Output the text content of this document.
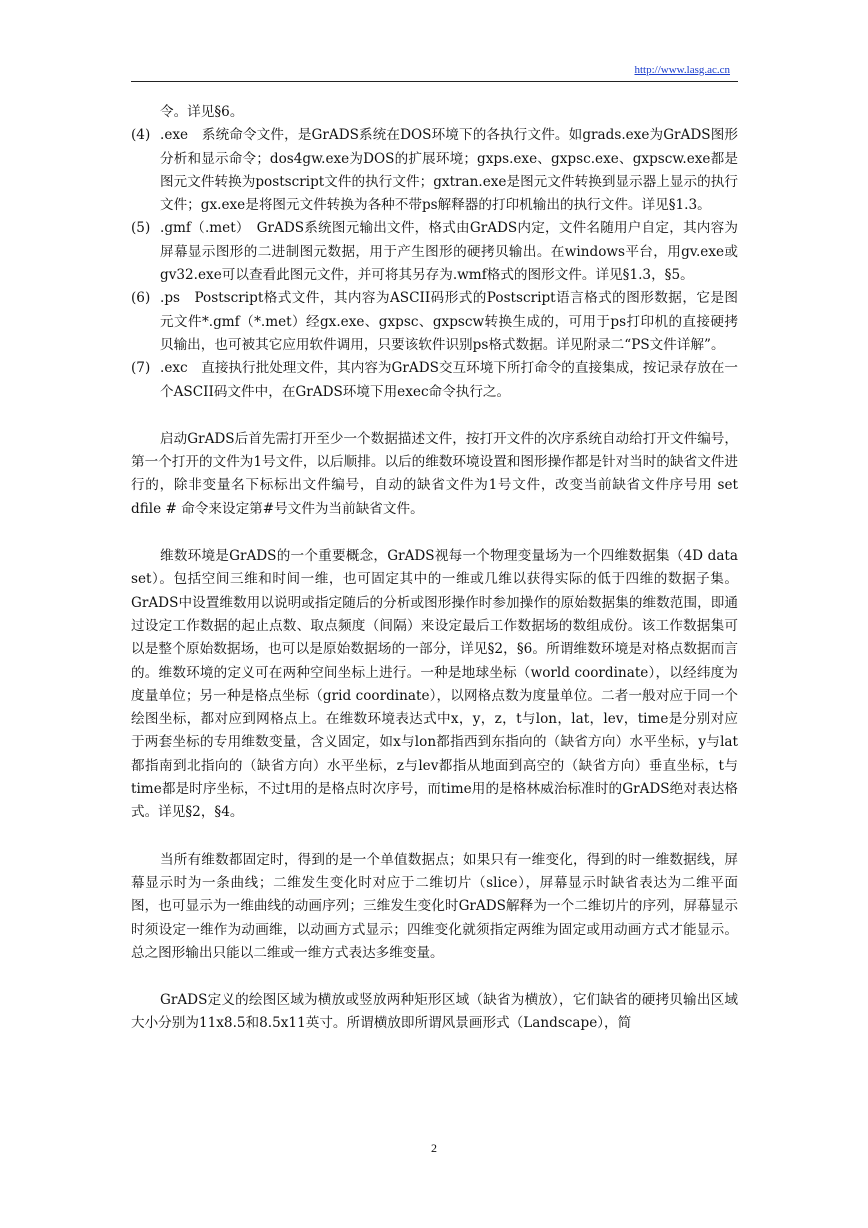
http://www.lasg.ac.cn

令。详见§6。

(4) .exe　系统命令文件，是GrADS系统在DOS环境下的各执行文件。如grads.exe为GrADS图形分析和显示命令；dos4gw.exe为DOS的扩展环境；gxps.exe、gxpsc.exe、gxpscw.exe都是图元文件转换为postscript文件的执行文件；gxtran.exe是图元文件转换到显示器上显示的执行文件；gx.exe是将图元文件转换为各种不带ps解释器的打印机输出的执行文件。详见§1.3。
(5) .gmf（.met）　GrADS系统图元输出文件，格式由GrADS内定，文件名随用户自定，其内容为屏幕显示图形的二进制图元数据，用于产生图形的硬拷贝输出。在windows平台，用gv.exe或gv32.exe可以查看此图元文件，并可将其另存为.wmf格式的图形文件。详见§1.3，§5。
(6) .ps　Postscript格式文件，其内容为ASCII码形式的Postscript语言格式的图形数据，它是图元文件*.gmf（*.met）经gx.exe、gxpsc、gxpscw转换生成的，可用于ps打印机的直接硬拷贝输出，也可被其它应用软件调用，只要该软件识别ps格式数据。详见附录二“PS文件详解”。
(7) .exc　直接执行批处理文件，其内容为GrADS交互环境下所打命令的直接集成，按记录存放在一个ASCII码文件中，在GrADS环境下用exec命令执行之。

启动GrADS后首先需打开至少一个数据描述文件，按打开文件的次序系统自动给打开文件编号，第一个打开的文件为1号文件，以后顺排。以后的维数环境设置和图形操作都是针对当时的缺省文件进行的，除非变量名下标标出文件编号，自动的缺省文件为1号文件，改变当前缺省文件序号用 set dfile # 命令来设定第#号文件为当前缺省文件。

维数环境是GrADS的一个重要概念，GrADS视每一个物理变量场为一个四维数据集（4D data set）。包括空间三维和时间一维，也可固定其中的一维或几维以获得实际的低于四维的数据子集。GrADS中设置维数用以说明或指定随后的分析或图形操作时参加操作的原始数据集的维数范围，即通过设定工作数据的起止点数、取点频度（间隔）来设定最后工作数据场的数组成份。该工作数据集可以是整个原始数据场，也可以是原始数据场的一部分，详见§2，§6。所谓维数环境是对格点数据而言的。维数环境的定义可在两种空间坐标上进行。一种是地球坐标（world coordinate），以经纬度为度量单位；另一种是格点坐标（grid coordinate），以网格点数为度量单位。二者一般对应于同一个绘图坐标，都对应到网格点上。在维数环境表达式中x，y，z，t与lon，lat，lev，time是分别对应于两套坐标的专用维数变量，含义固定，如x与lon都指西到东指向的（缺省方向）水平坐标，y与lat都指南到北指向的（缺省方向）水平坐标，z与lev都指从地面到高空的（缺省方向）垂直坐标，t与time都是时序坐标，不过t用的是格点时次序号，而time用的是格林威治标准时的GrADS绝对表达格式。详见§2，§4。

当所有维数都固定时，得到的是一个单值数据点；如果只有一维变化，得到的时一维数据线，屏幕显示时为一条曲线；二维发生变化时对应于二维切片（slice），屏幕显示时缺省表达为二维平面图，也可显示为一维曲线的动画序列；三维发生变化时GrADS解释为一个二维切片的序列，屏幕显示时须设定一维作为动画维，以动画方式显示；四维变化就须指定两维为固定或用动画方式才能显示。总之图形输出只能以二维或一维方式表达多维变量。

GrADS定义的绘图区域为横放或竖放两种矩形区域（缺省为横放），它们缺省的硬拷贝输出区域大小分别为11x8.5和8.5x11英寸。所谓横放即所谓风景画形式（Landscape），简

2
